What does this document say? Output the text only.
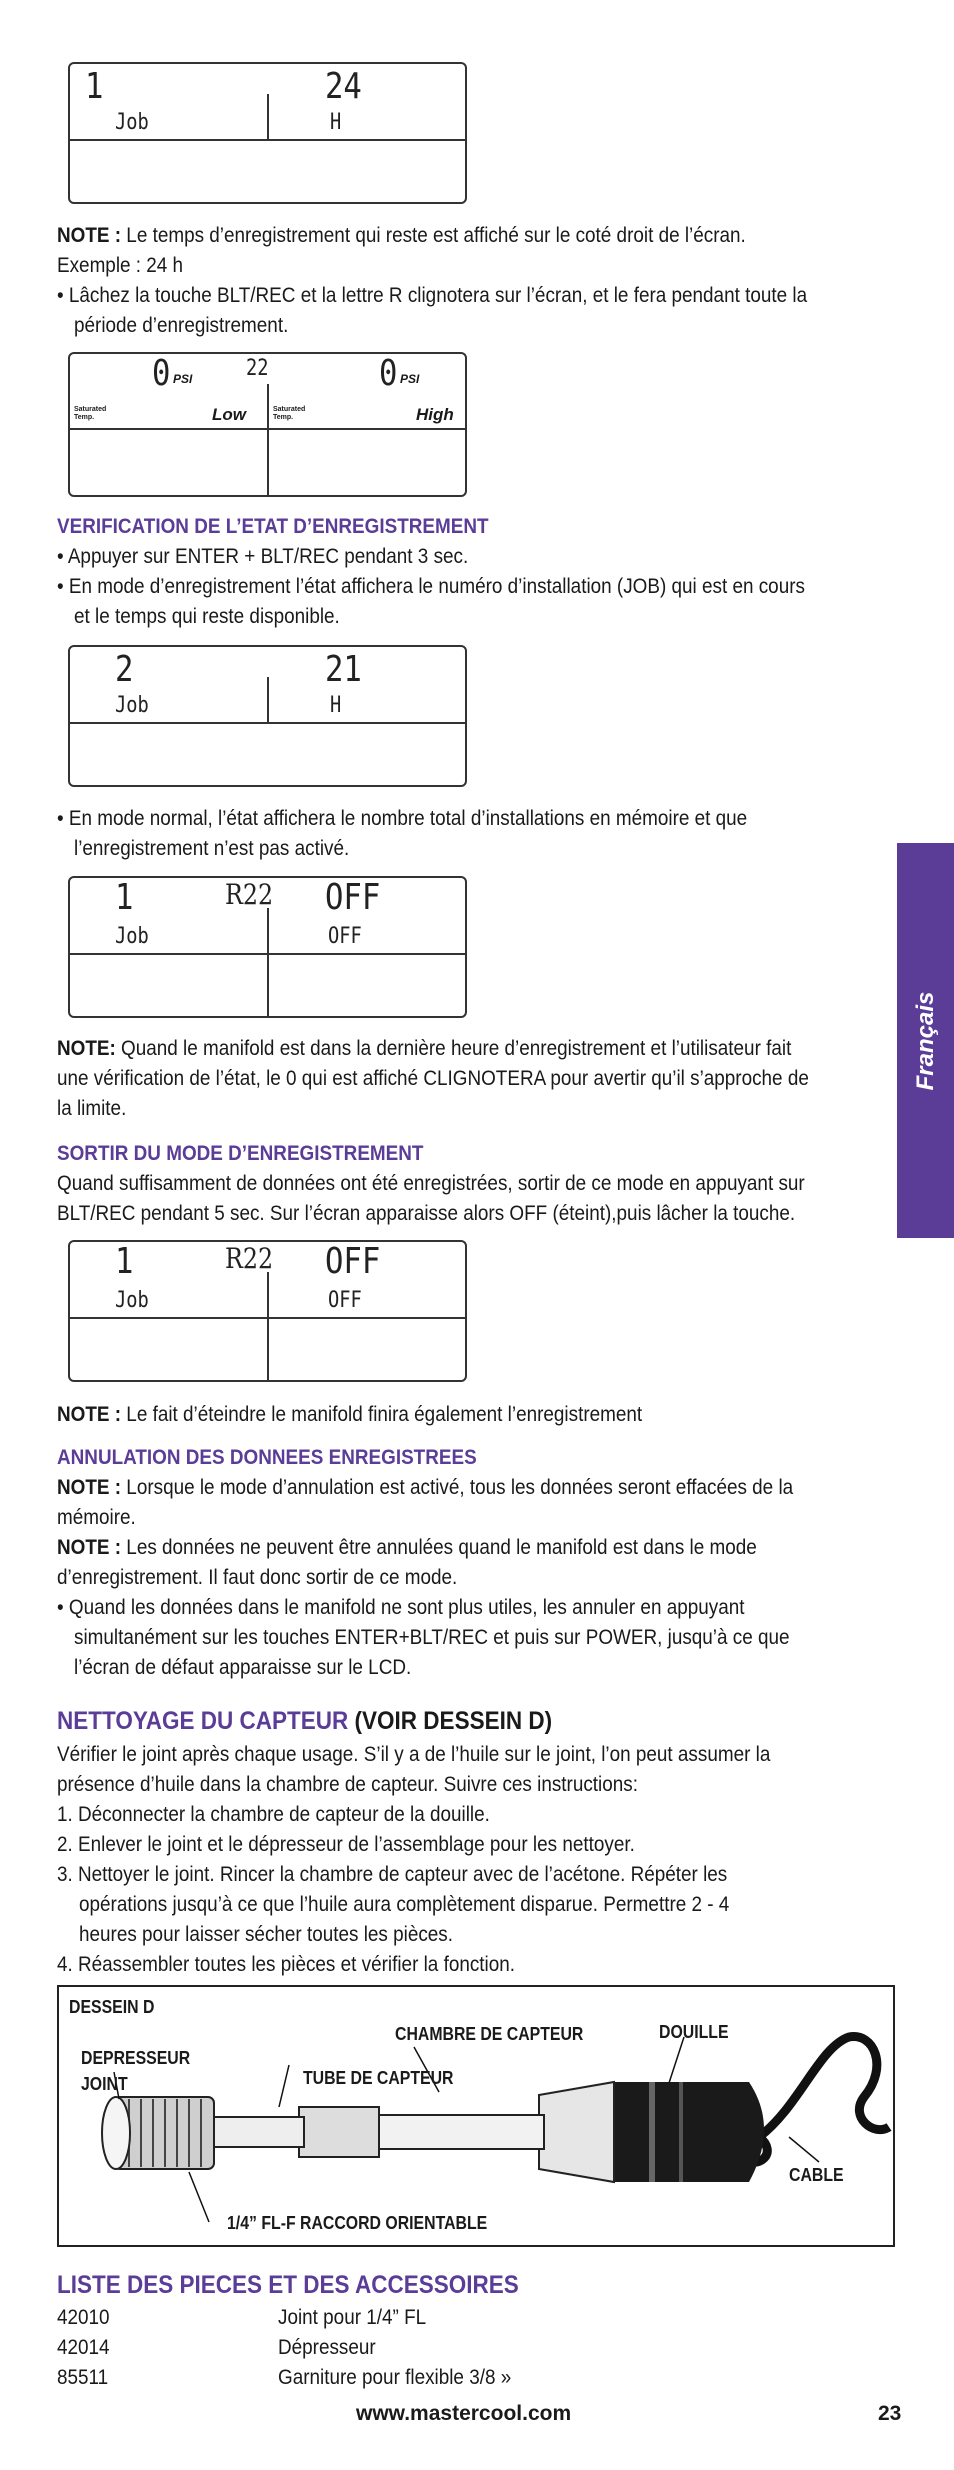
1	24
Job	H
NOTE : Le temps d’enregistrement qui reste est affiché sur le coté droit de l’écran.
Exemple : 24 h
• Lâchez la touche BLT/REC et la lettre R clignotera sur l’écran, et le fera pendant toute la
période d’enregistrement.
0 PSI 22	0 PSI
Saturated
Temp.	Low	Saturated
Temp.	High
VERIFICATION DE L’ETAT D’ENREGISTREMENT
• Appuyer sur ENTER + BLT/REC pendant 3 sec.
• En mode d’enregistrement l’état affichera le numéro d’installation (JOB) qui est en cours
et le temps qui reste disponible.
2	21
Job	H
• En mode normal, l’état affichera le nombre total d’installations en mémoire et que
l’enregistrement n’est pas activé.
1	R22 OFF
Job	OFF
NOTE: Quand le manifold est dans la dernière heure d’enregistrement et l’utilisateur fait
une vérification de l’état, le 0 qui est affiché CLIGNOTERA pour avertir qu’il s’approche de
la limite.
SORTIR DU MODE D’ENREGISTREMENT
Quand suffisamment de données ont été enregistrées, sortir de ce mode en appuyant sur
BLT/REC pendant 5 sec. Sur l’écran apparaisse alors OFF (éteint),puis lâcher la touche.
1	R22 OFF
Job	OFF
NOTE : Le fait d’éteindre le manifold finira également l’enregistrement
ANNULATION DES DONNEES ENREGISTREES
NOTE : Lorsque le mode d’annulation est activé, tous les données seront effacées de la
mémoire.
NOTE : Les données ne peuvent être annulées quand le manifold est dans le mode
d’enregistrement. Il faut donc sortir de ce mode.
• Quand les données dans le manifold ne sont plus utiles, les annuler en appuyant
simultanément sur les touches ENTER+BLT/REC et puis sur POWER, jusqu’à ce que
l’écran de défaut apparaisse sur le LCD.
NETTOYAGE DU CAPTEUR (VOIR DESSEIN D)
Vérifier le joint après chaque usage. S’il y a de l’huile sur le joint, l’on peut assumer la
présence d’huile dans la chambre de capteur. Suivre ces instructions:
1. Déconnecter la chambre de capteur de la douille.
2. Enlever le joint et le dépresseur de l’assemblage pour les nettoyer.
3. Nettoyer le joint. Rincer la chambre de capteur avec de l’acétone. Répéter les
opérations jusqu’à ce que l’huile aura complètement disparue. Permettre 2 - 4
heures pour laisser sécher toutes les pièces.
4. Réassembler toutes les pièces et vérifier la fonction.
DESSEIN D
CHAMBRE DE CAPTEUR	DOUILLE
DEPRESSEUR
JOINT	TUBE DE CAPTEUR
CABLE
1/4” FL-F RACCORD ORIENTABLE
LISTE DES PIECES ET DES ACCESSOIRES
42010	Joint pour 1/4” FL
42014	Dépresseur
85511	Garniture pour flexible 3/8 »
Français
www.mastercool.com	23
